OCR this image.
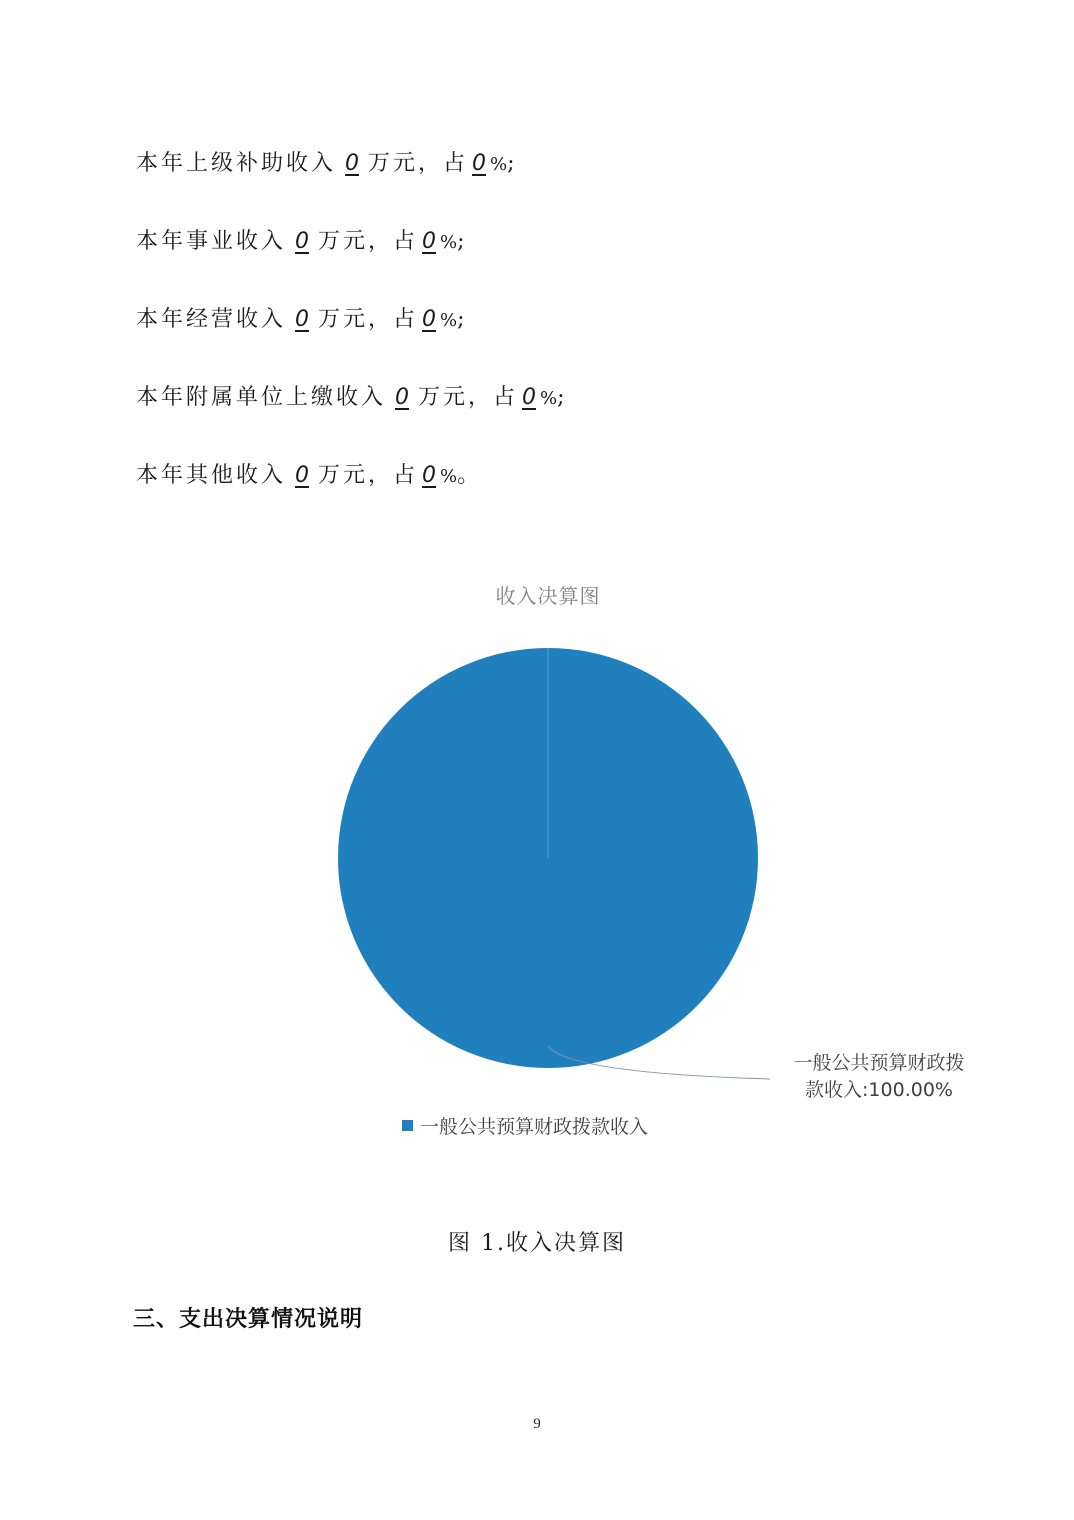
本年上级补助收入 0 万元，占 0 %;
本年事业收入 0 万元，占 0 %;
本年经营收入 0 万元，占 0 %;
本年附属单位上缴收入 0 万元，占 0 %;
本年其他收入 0 万元，占 0 %。
收入决算图
一般公共预算财政拨
款收入:100.00%
一般公共预算财政拨款收入
图 1.收入决算图
三、支出决算情况说明
9
